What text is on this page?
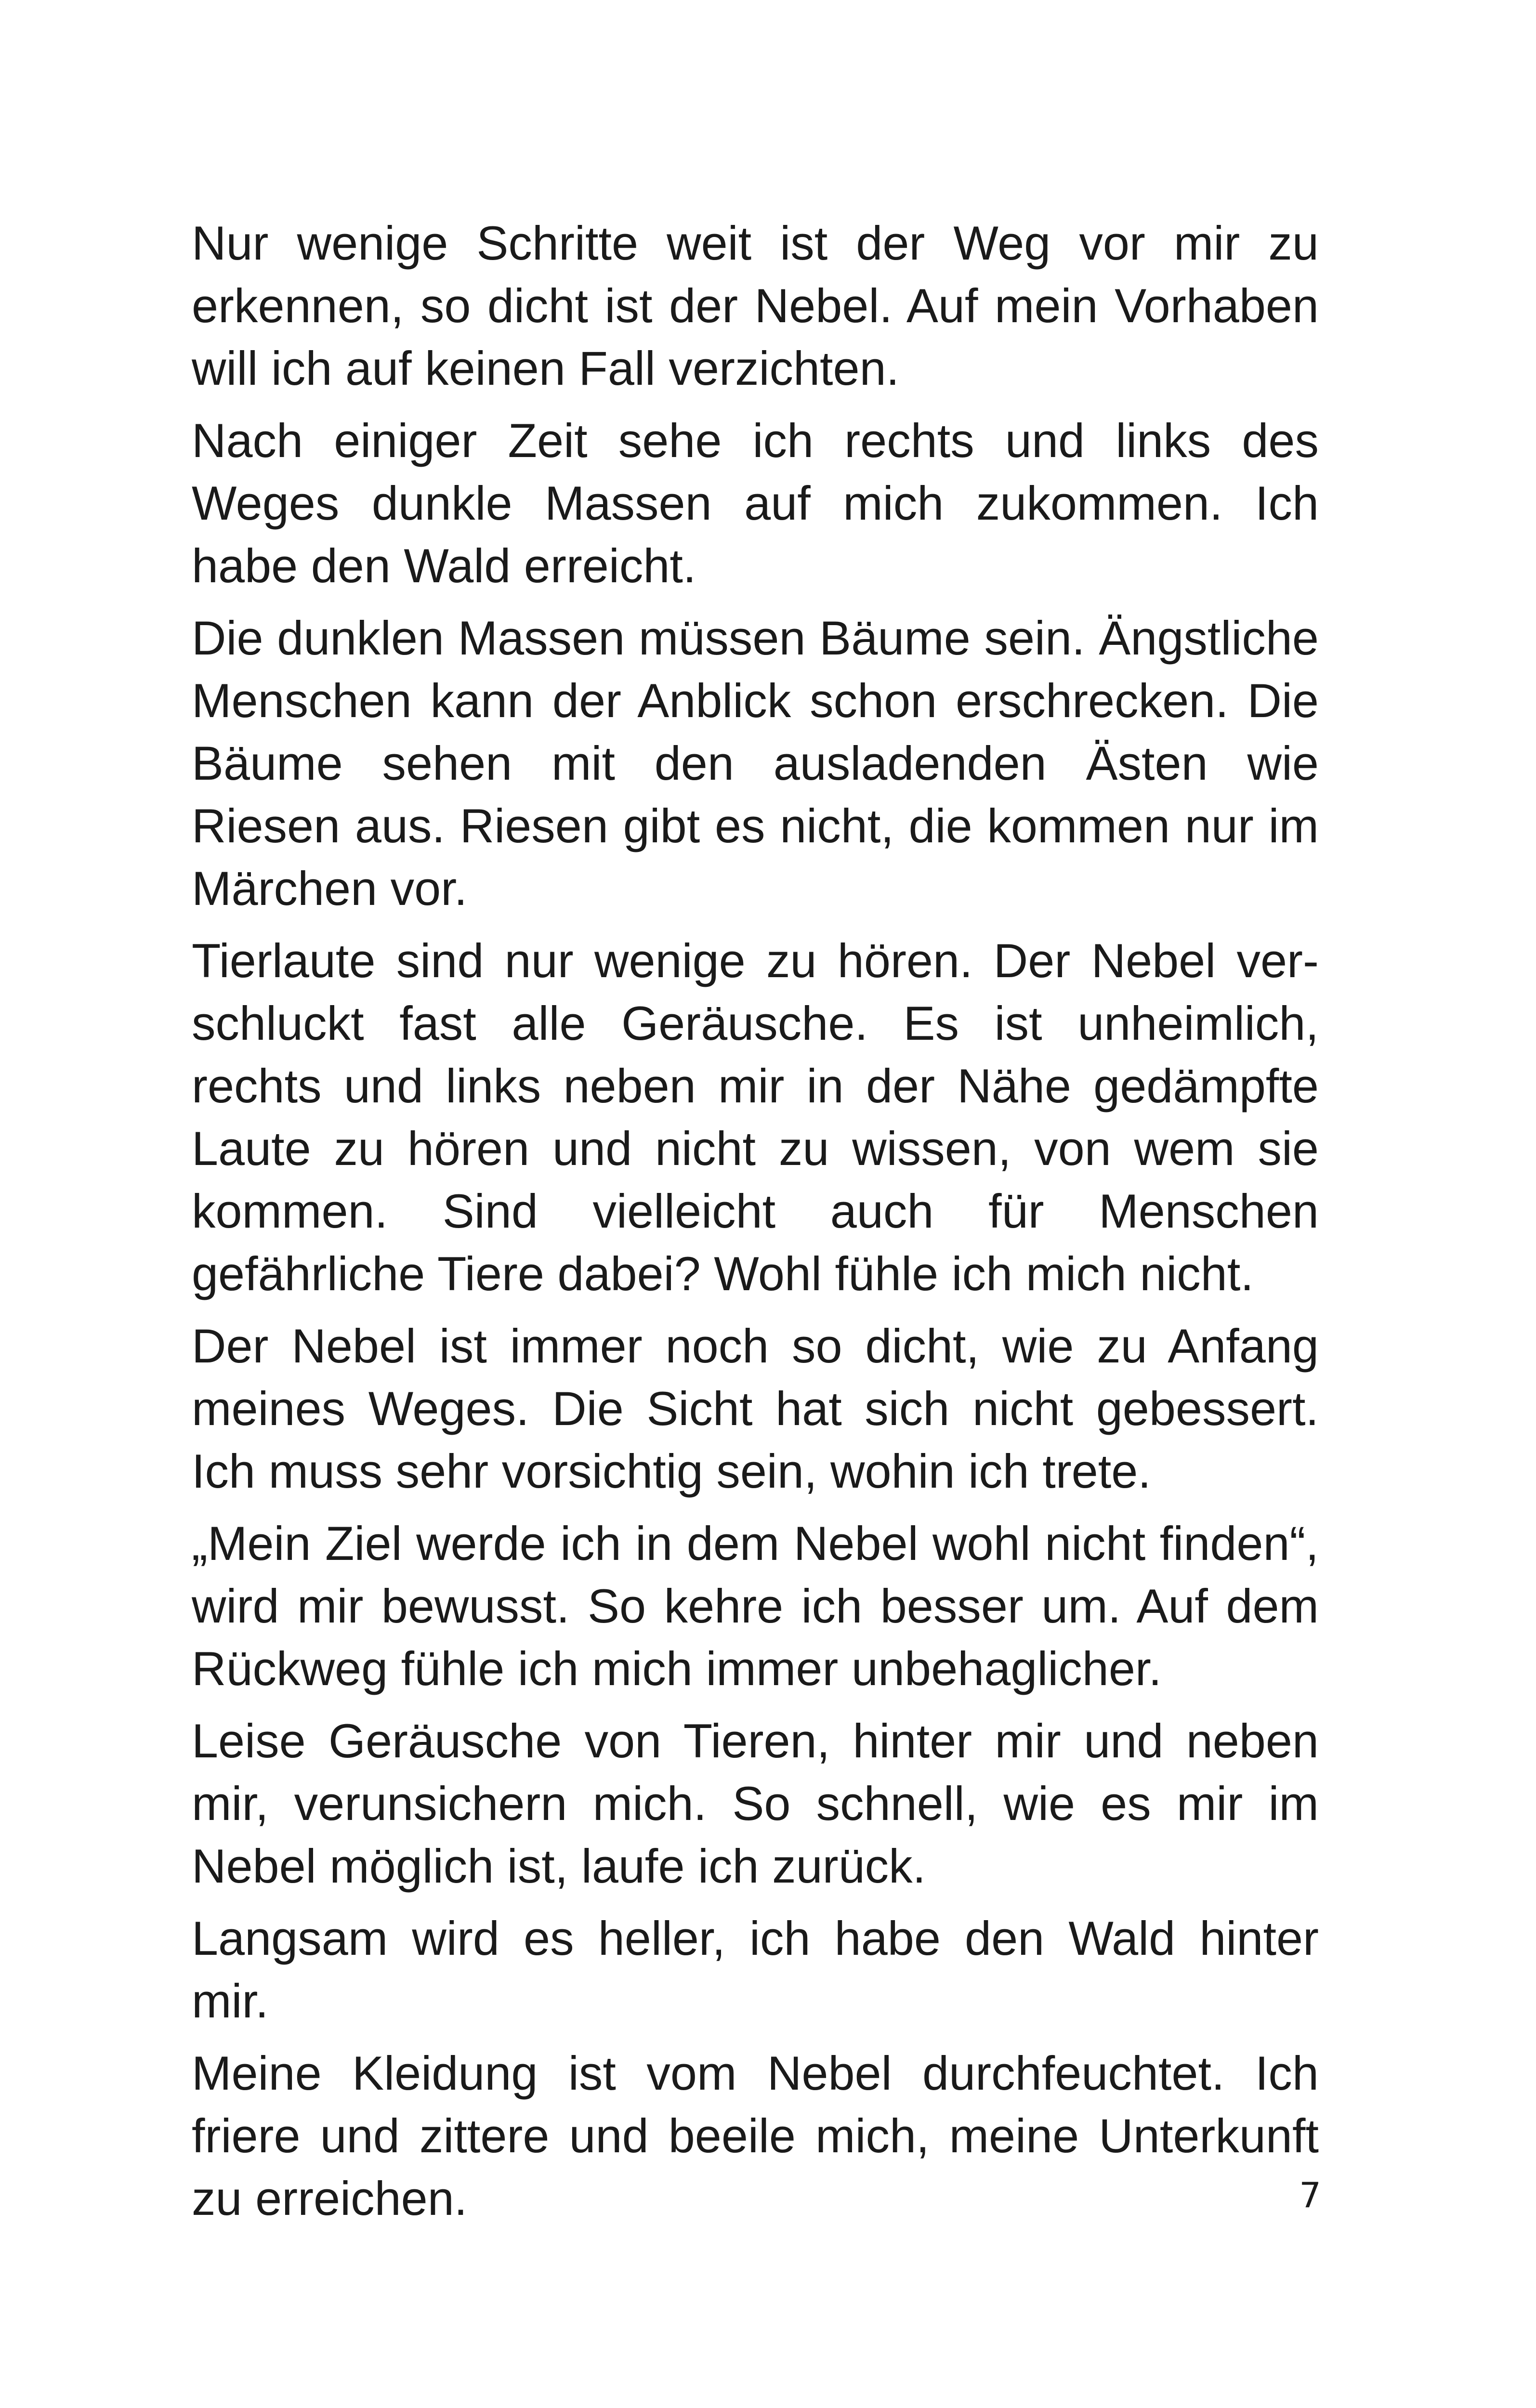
Nur wenige Schritte weit ist der Weg vor mir zu erkennen, so dicht ist der Nebel. Auf mein Vorhaben will ich auf keinen Fall verzichten.

Nach einiger Zeit sehe ich rechts und links des Weges dunkle Massen auf mich zukommen. Ich habe den Wald erreicht.

Die dunklen Massen müssen Bäume sein. Ängstliche Menschen kann der Anblick schon erschrecken. Die Bäume sehen mit den ausladenden Ästen wie Riesen aus. Riesen gibt es nicht, die kommen nur im Märchen vor.

Tierlaute sind nur wenige zu hören. Der Nebel verschluckt fast alle Geräusche. Es ist unheimlich, rechts und links neben mir in der Nähe gedämpfte Laute zu hören und nicht zu wissen, von wem sie kommen. Sind vielleicht auch für Menschen gefährliche Tiere dabei? Wohl fühle ich mich nicht.

Der Nebel ist immer noch so dicht, wie zu Anfang meines Weges. Die Sicht hat sich nicht gebessert. Ich muss sehr vorsichtig sein, wohin ich trete.

„Mein Ziel werde ich in dem Nebel wohl nicht finden“, wird mir bewusst. So kehre ich besser um. Auf dem Rückweg fühle ich mich immer unbehaglicher.

Leise Geräusche von Tieren, hinter mir und neben mir, verunsichern mich. So schnell, wie es mir im Nebel möglich ist, laufe ich zurück.

Langsam wird es heller, ich habe den Wald hinter mir.

Meine Kleidung ist vom Nebel durchfeuchtet. Ich friere und zittere und beeile mich, meine Unterkunft zu erreichen.	7
